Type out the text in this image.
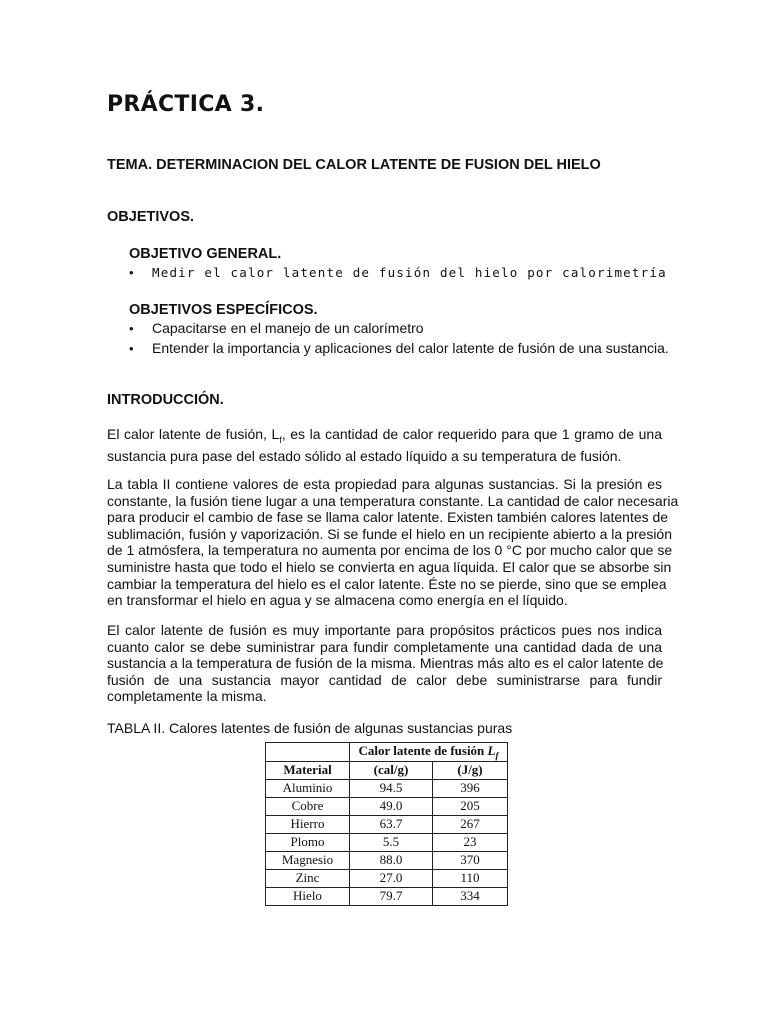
PRÁCTICA 3.
TEMA. DETERMINACION DEL CALOR LATENTE DE FUSION DEL HIELO
OBJETIVOS.
OBJETIVO GENERAL.
•	Medir el calor latente de fusión del hielo por calorimetría
OBJETIVOS ESPECÍFICOS.
•	Capacitarse en el manejo de un calorímetro
•	Entender la importancia y aplicaciones del calor latente de fusión de una sustancia.
INTRODUCCIÓN.
El calor latente de fusión, $L_f$, es la cantidad de calor requerido para que 1 gramo de una
sustancia pura pase del estado sólido al estado líquido a su temperatura de fusión.
La tabla II contiene valores de esta propiedad para algunas sustancias. Si la presión es
constante, la fusión tiene lugar a una temperatura constante. La cantidad de calor necesaria
para producir el cambio de fase se llama calor latente. Existen también calores latentes de
sublimación, fusión y vaporización. Si se funde el hielo en un recipiente abierto a la presión
de 1 atmósfera, la temperatura no aumenta por encima de los 0 °C por mucho calor que se
suministre hasta que todo el hielo se convierta en agua líquida. El calor que se absorbe sin
cambiar la temperatura del hielo es el calor latente. Éste no se pierde, sino que se emplea
en transformar el hielo en agua y se almacena como energía en el líquido.
El calor latente de fusión es muy importante para propósitos prácticos pues nos indica
cuanto calor se debe suministrar para fundir completamente una cantidad dada de una
sustancia a la temperatura de fusión de la misma. Mientras más alto es el calor latente de
fusión de una sustancia mayor cantidad de calor debe suministrarse para fundir
completamente la misma.
TABLA II. Calores latentes de fusión de algunas sustancias puras
	Calor latente de fusión $L_f$
Material	(cal/g)	(J/g)
Aluminio	94.5	396
Cobre	49.0	205
Hierro	63.7	267
Plomo	5.5	23
Magnesio	88.0	370
Zinc	27.0	110
Hielo	79.7	334
